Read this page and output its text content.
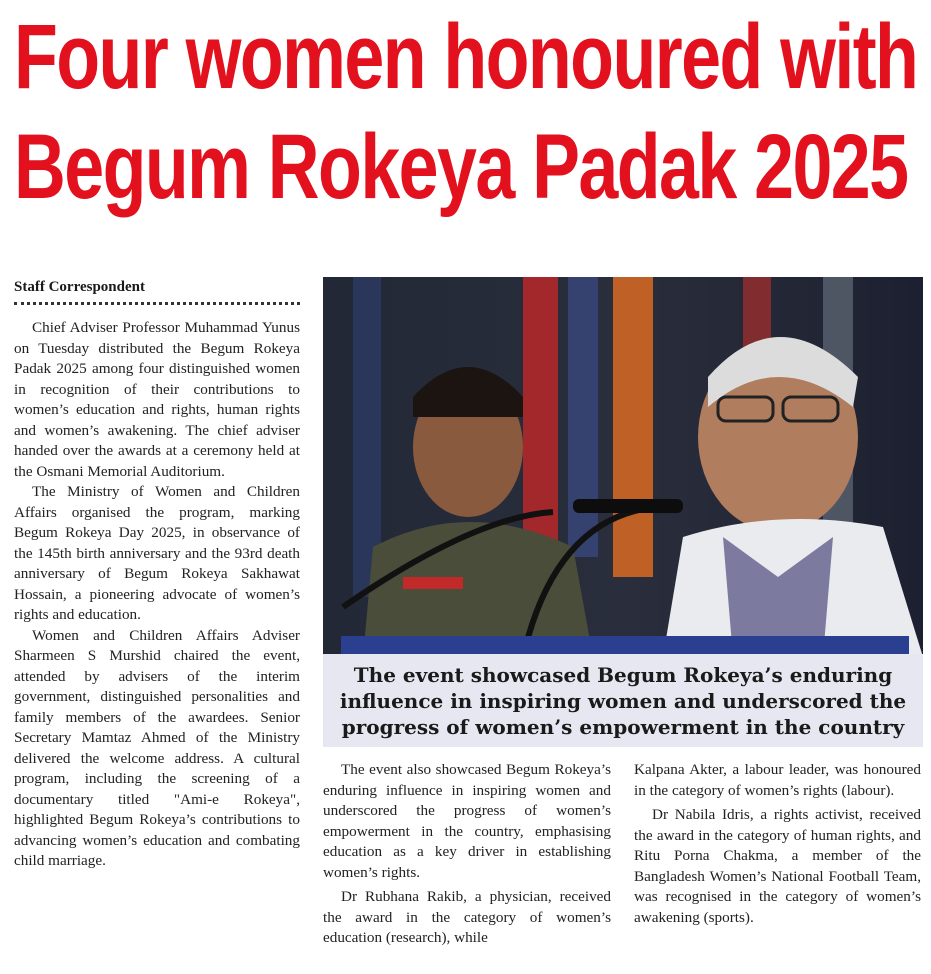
Four women honoured with
Begum Rokeya Padak 2025
Staff Correspondent

Chief Adviser Professor Muhammad Yunus on Tuesday distributed the Begum Rokeya Padak 2025 among four distinguished women in recognition of their contributions to women’s education and rights, human rights and women’s awakening. The chief adviser handed over the awards at a ceremony held at the Osmani Memorial Auditorium.

The Ministry of Women and Children Affairs organised the program, marking Begum Rokeya Day 2025, in observance of the 145th birth anniversary and the 93rd death anniversary of Begum Rokeya Sakhawat Hossain, a pioneering advocate of women’s rights and education.

Women and Children Affairs Adviser Sharmeen S Murshid chaired the event, attended by advisers of the interim government, distinguished personalities and family members of the awardees. Senior Secretary Mamtaz Ahmed of the Ministry delivered the welcome address. A cultural program, including the screening of a documentary titled "Ami-e Rokeya", highlighted Begum Rokeya’s contributions to advancing women’s education and combating child marriage.

The event showcased Begum Rokeya’s enduring influence in inspiring women and underscored the progress of women’s empowerment in the country

The event also showcased Begum Rokeya’s enduring influence in inspiring women and underscored the progress of women’s empowerment in the country, emphasising education as a key driver in establishing women’s rights.

Dr Rubhana Rakib, a physician, received the award in the category of women’s education (research), while

Kalpana Akter, a labour leader, was honoured in the category of women’s rights (labour).

Dr Nabila Idris, a rights activist, received the award in the category of human rights, and Ritu Porna Chakma, a member of the Bangladesh Women’s National Football Team, was recognised in the category of women’s awakening (sports).
